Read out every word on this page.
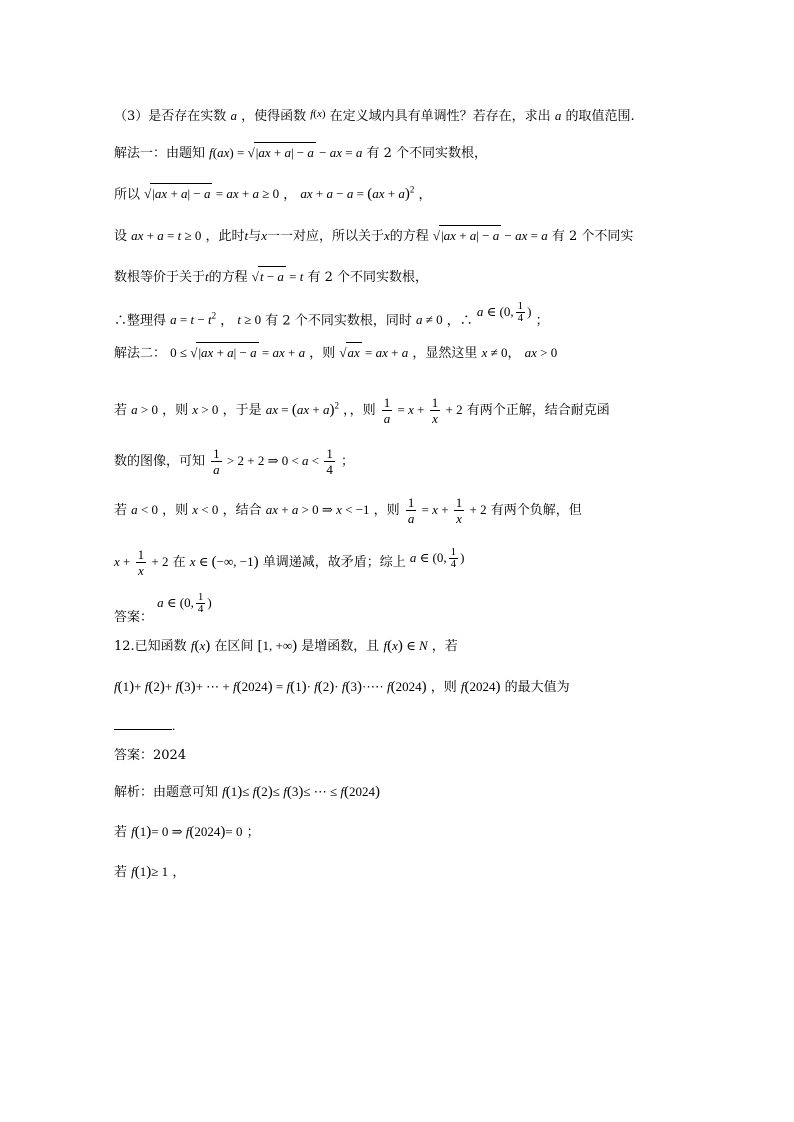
（3）是否存在实数 a ，使得函数 $^{f(x)}$ 在定义域内具有单调性？若存在，求出 a 的取值范围.
解法一：由题知 f(ax) = √|ax + a| − a − ax = a 有 2 个不同实数根，
所以 √|ax + a| − a = ax + a ≥ 0 ， ax + a − a = (ax + a)$^2$ ，
设 ax + a = t ≥ 0 ，此时t与x一一对应，所以关于x的方程 √|ax + a| − a − ax = a 有 2 个不同实
数根等价于关于t的方程 √t − a = t 有 2 个不同实数根，
∴整理得 $a = t - t^2$ ， t ≥ 0 有 2 个不同实数根，同时 a ≠ 0 ，∴ a ∈ (0, $\frac{1}{4}$ ) ；
解法二： 0 ≤ √|ax + a| − a = ax + a ，则 √ax = ax + a ，显然这里 x ≠ 0， ax > 0
若 a > 0 ，则 x > 0 ，于是 ax = (ax + a)$^2$ ，，则 $\frac{1}{a} = x + \frac{1}{x} + 2$ 有两个正解，结合耐克函
数的图像，可知 $\frac{1}{a} > 2 + 2$ ⇒ $0 < a < \frac{1}{4}$ ；
若 a < 0 ，则 x < 0 ，结合 ax + a > 0 ⇒ x < −1 ，则 $\frac{1}{a} = x + \frac{1}{x} + 2$ 有两个负解，但
$x + \frac{1}{x} + 2$ 在 x ∈ (−∞, −1) 单调递减，故矛盾；综上 a ∈ (0, $\frac{1}{4}$ )
答案： a ∈ (0, $\frac{1}{4}$ )
12.已知函数 f(x) 在区间 [1, +∞) 是增函数，且 f(x) ∈ N ，若
f(1)+ f(2)+ f(3)+ ⋯ + f(2024) = f(1)· f(2)· f(3)·⋯· f(2024) ，则 f(2024) 的最大值为
.
答案：2024
解析：由题意可知 f(1)≤ f(2)≤ f(3)≤ ⋯ ≤ f(2024)
若 f(1)= 0 ⇒ f(2024)= 0 ；
若 f(1)≥ 1 ，
